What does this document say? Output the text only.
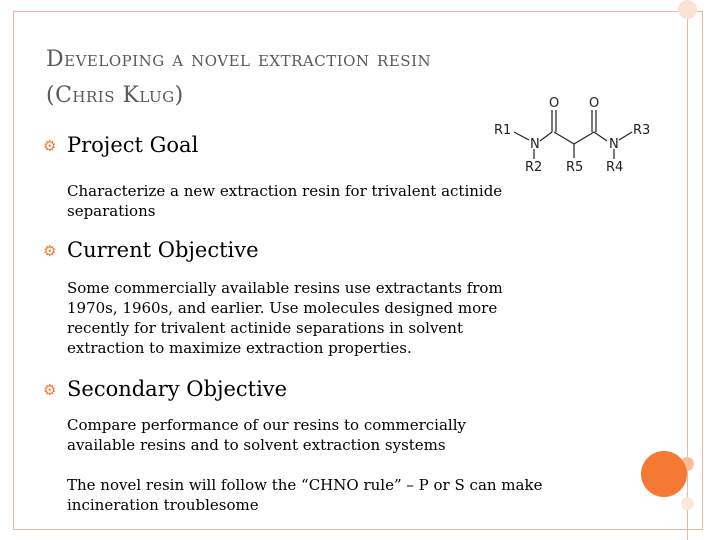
Developing a novel extraction resin
(Chris Klug)	O O
R1
N	N
R3
R2 R5 R4
⚙ Project Goal
Characterize a new extraction resin for trivalent actinide
separations
⚙ Current Objective
Some commercially available resins use extractants from
1970s, 1960s, and earlier. Use molecules designed more
recently for trivalent actinide separations in solvent
extraction to maximize extraction properties.
⚙ Secondary Objective
Compare performance of our resins to commercially
available resins and to solvent extraction systems
The novel resin will follow the “CHNO rule” – P or S can make
incineration troublesome
